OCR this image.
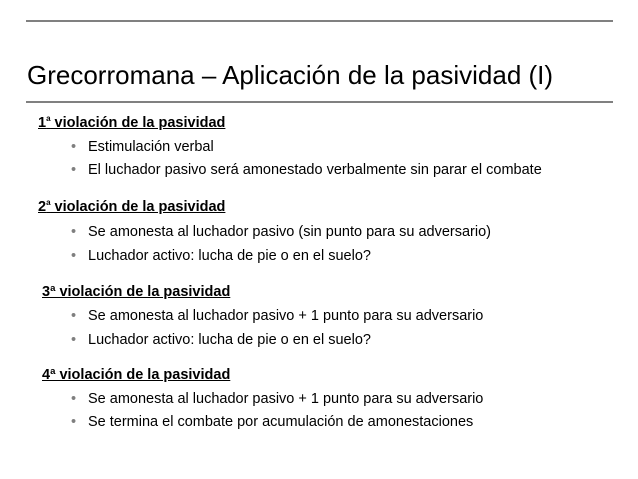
Grecorromana – Aplicación de la pasividad (I)
1$^a$ violación de la pasividad
• Estimulación verbal
• El luchador pasivo será amonestado verbalmente sin parar el combate
2$^a$ violación de la pasividad
• Se amonesta al luchador pasivo (sin punto para su adversario)
• Luchador activo: lucha de pie o en el suelo?
3ª violación de la pasividad
• Se amonesta al luchador pasivo + 1 punto para su adversario
• Luchador activo: lucha de pie o en el suelo?
4ª violación de la pasividad
• Se amonesta al luchador pasivo + 1 punto para su adversario
• Se termina el combate por acumulación de amonestaciones
